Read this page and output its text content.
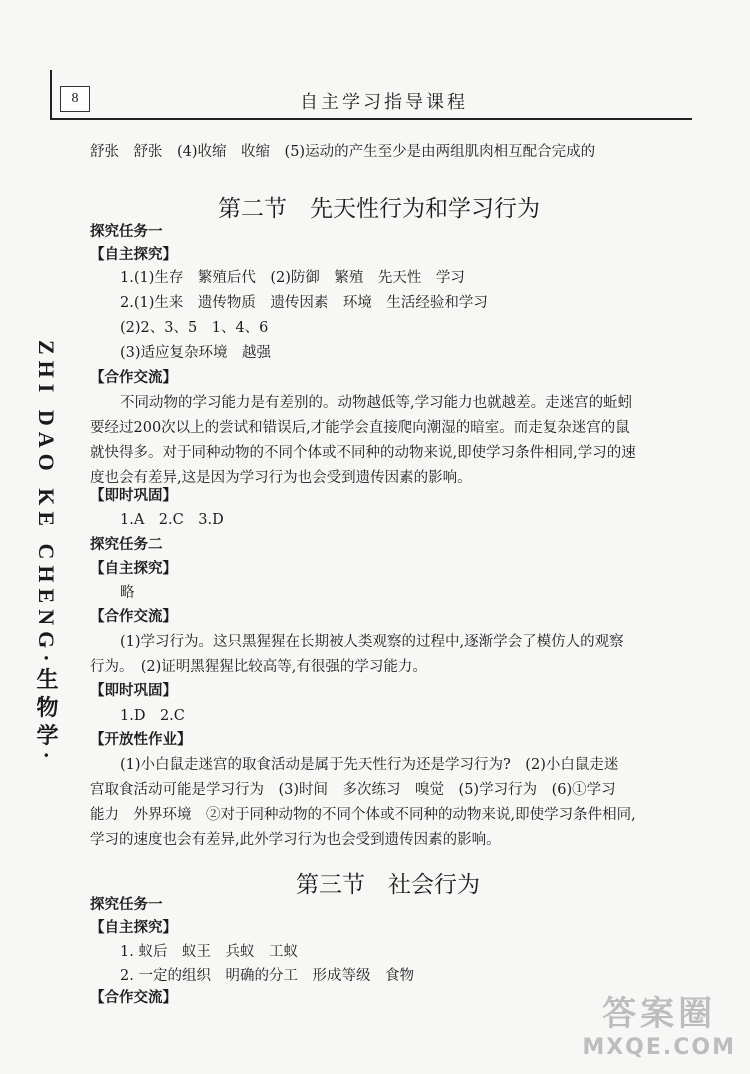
8	自主学习指导课程
ZHI DAO KE CHENG·生物学·
舒张　舒张　(4)收缩　收缩　(5)运动的产生至少是由两组肌肉相互配合完成的
第二节　先天性行为和学习行为
探究任务一
【自主探究】
1.(1)生存　繁殖后代　(2)防御　繁殖　先天性　学习
2.(1)生来　遗传物质　遗传因素　环境　生活经验和学习
(2)2、3、5　1、4、6
(3)适应复杂环境　越强
【合作交流】
不同动物的学习能力是有差别的。动物越低等,学习能力也就越差。走迷宫的蚯蚓
要经过200次以上的尝试和错误后,才能学会直接爬向潮湿的暗室。而走复杂迷宫的鼠
就快得多。对于同种动物的不同个体或不同种的动物来说,即使学习条件相同,学习的速
度也会有差异,这是因为学习行为也会受到遗传因素的影响。
【即时巩固】
1.A　2.C　3.D
探究任务二
【自主探究】
略
【合作交流】
(1)学习行为。这只黑猩猩在长期被人类观察的过程中,逐渐学会了模仿人的观察
行为。　(2)证明黑猩猩比较高等,有很强的学习能力。
【即时巩固】
1.D　2.C
【开放性作业】
(1)小白鼠走迷宫的取食活动是属于先天性行为还是学习行为?　(2)小白鼠走迷
宫取食活动可能是学习行为　(3)时间　多次练习　嗅觉　(5)学习行为　(6)①学习
能力　外界环境　②对于同种动物的不同个体或不同种的动物来说,即使学习条件相同,
学习的速度也会有差异,此外学习行为也会受到遗传因素的影响。
第三节　社会行为
探究任务一
【自主探究】
1. 蚁后　蚁王　兵蚁　工蚁
2. 一定的组织　明确的分工　形成等级　食物
【合作交流】	答案圈
MXQE.COM
